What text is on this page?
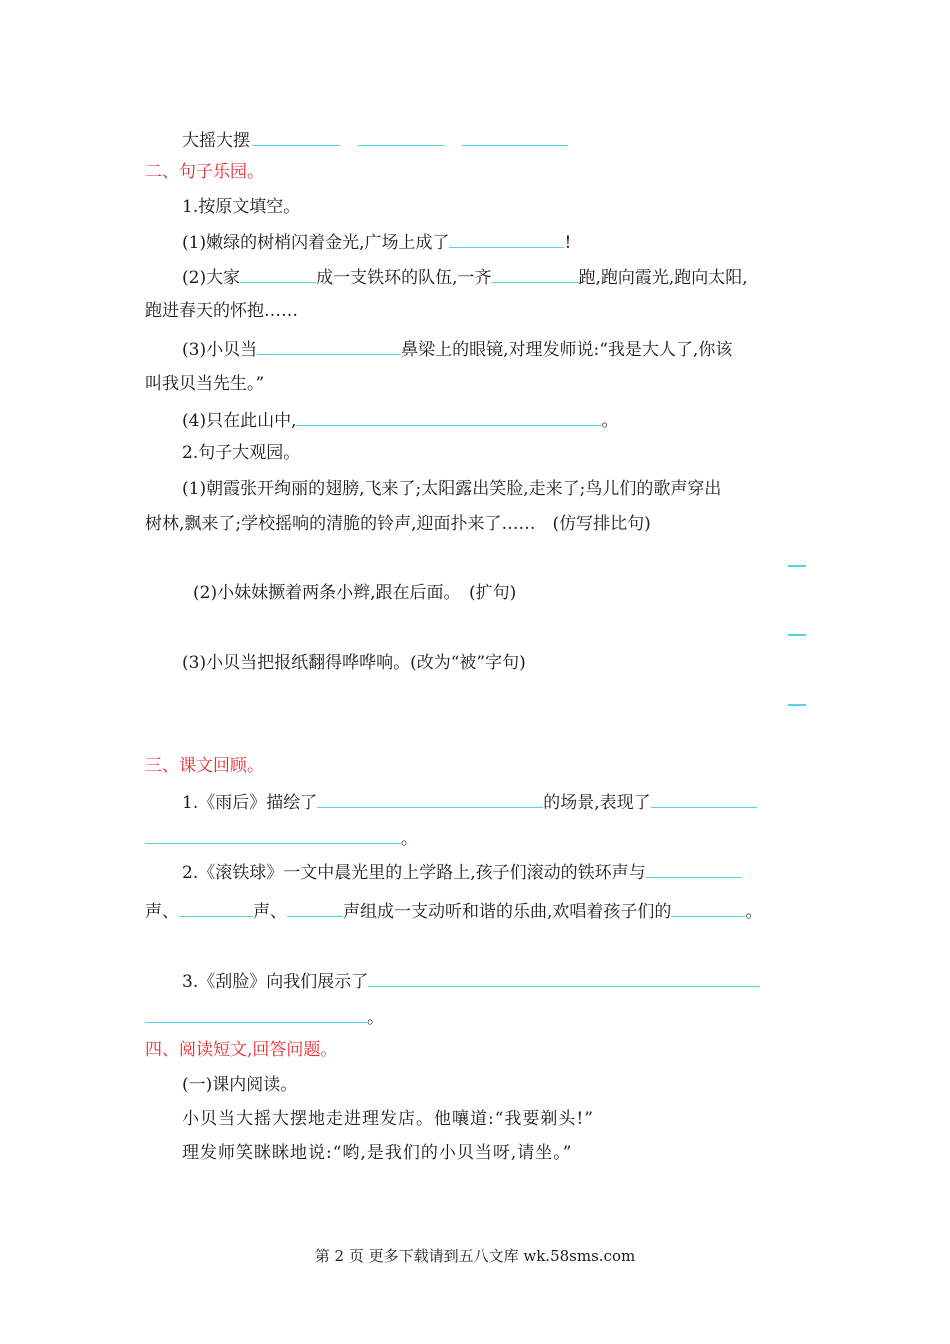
大摇大摆
二、句子乐园。
1.按原文填空。
(1)嫩绿的树梢闪着金光,广场上成了	!
(2)大家	成一支铁环的队伍,一齐	跑,跑向霞光,跑向太阳,
跑进春天的怀抱……
(3)小贝当	鼻梁上的眼镜,对理发师说:“我是大人了,你该
叫我贝当先生。”
(4)只在此山中,	。
2.句子大观园。
(1)朝霞张开绚丽的翅膀,飞来了;太阳露出笑脸,走来了;鸟儿们的歌声穿出
树林,飘来了;学校摇响的清脆的铃声,迎面扑来了……　(仿写排比句)
(2)小妹妹撅着两条小辫,跟在后面。　(扩句)
(3)小贝当把报纸翻得哗哗响。(改为“被”字句)
三、课文回顾。
1.《雨后》描绘了	的场景,表现了
。
2.《滚铁球》一文中晨光里的上学路上,孩子们滚动的铁环声与
声、	声、	声组成一支动听和谐的乐曲,欢唱着孩子们的	。
3.《刮脸》向我们展示了
。
四、阅读短文,回答问题。
(一)课内阅读。
小贝当大摇大摆地走进理发店。他嚷道:“我要剃头!”
理发师笑眯眯地说:“哟,是我们的小贝当呀,请坐。”
第 2 页 更多下载请到五八文库 wk.58sms.com
